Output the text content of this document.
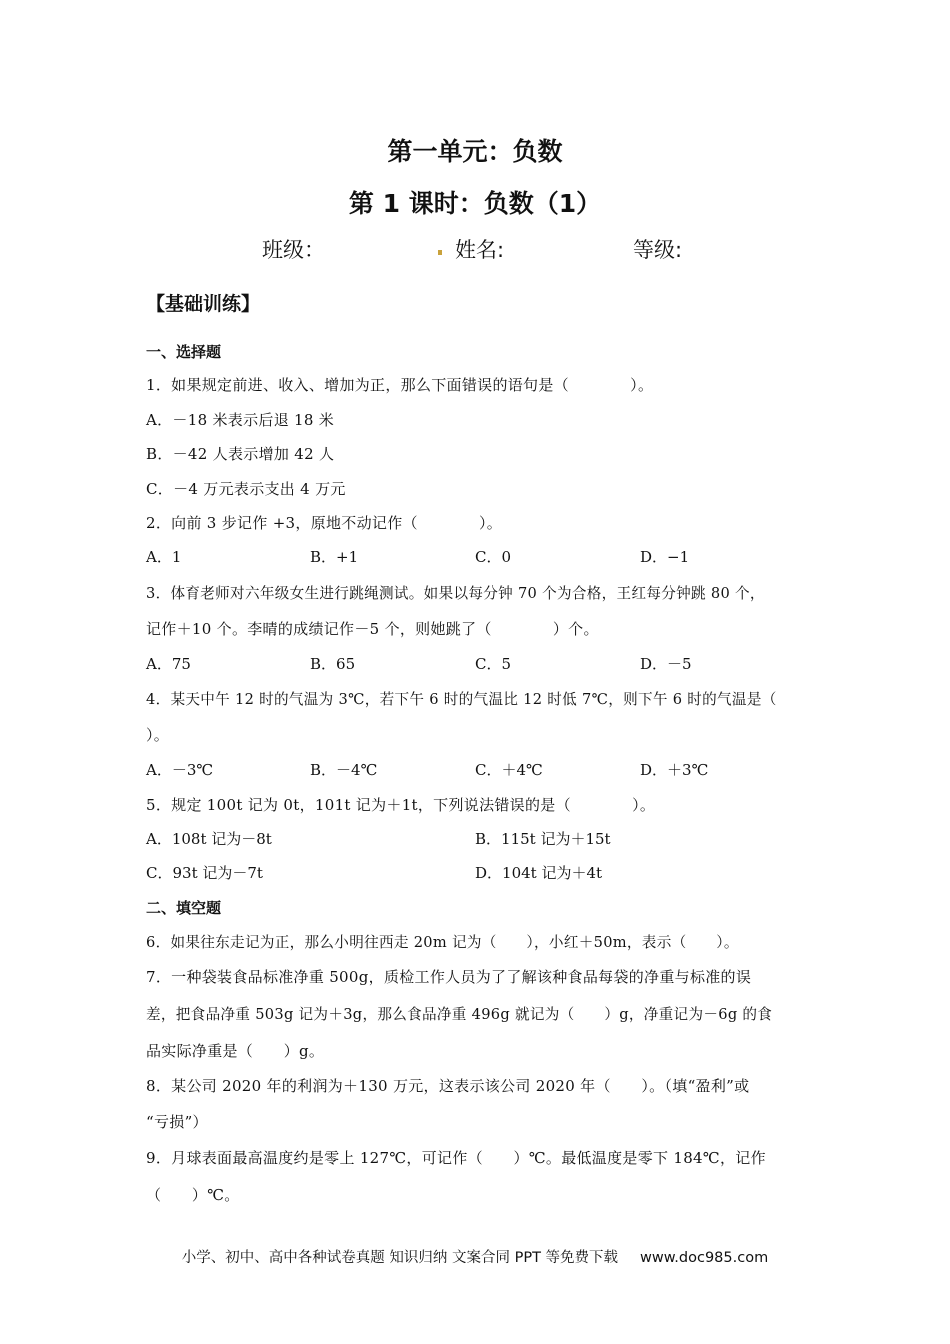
第一单元：负数
第 1 课时：负数（1）
班级：	姓名:	等级:
【基础训练】
一、选择题
1．如果规定前进、收入、增加为正，那么下面错误的语句是（　　　　）。
A．－18 米表示后退 18 米
B．－42 人表示增加 42 人
C．－4 万元表示支出 4 万元
2．向前 3 步记作 +3，原地不动记作（　　　　）。
A．1	B．+1	C．0	D．−1
3．体育老师对六年级女生进行跳绳测试。如果以每分钟 70 个为合格，王红每分钟跳 80 个，
记作＋10 个。李晴的成绩记作－5 个，则她跳了（　　　　）个。
A．75	B．65	C．5	D．－5
4．某天中午 12 时的气温为 3℃，若下午 6 时的气温比 12 时低 7℃，则下午 6 时的气温是（
）。
A．－3℃	B．－4℃	C．＋4℃	D．＋3℃
5．规定 100t 记为 0t，101t 记为＋1t，下列说法错误的是（　　　　）。
A．108t 记为－8t	B．115t 记为＋15t
C．93t 记为－7t	D．104t 记为＋4t
二、填空题
6．如果往东走记为正，那么小明往西走 20m 记为（　　），小红＋50m，表示（　　）。
7．一种袋装食品标准净重 500g，质检工作人员为了了解该种食品每袋的净重与标准的误
差，把食品净重 503g 记为＋3g，那么食品净重 496g 就记为（　　）g，净重记为－6g 的食
品实际净重是（　　）g。
8．某公司 2020 年的利润为＋130 万元，这表示该公司 2020 年（　　）。（填“盈利”或
“亏损”）
9．月球表面最高温度约是零上 127℃，可记作（　　）℃。最低温度是零下 184℃，记作
（　　）℃。
小学、初中、高中各种试卷真题 知识归纳 文案合同 PPT 等免费下载 www.doc985.com
